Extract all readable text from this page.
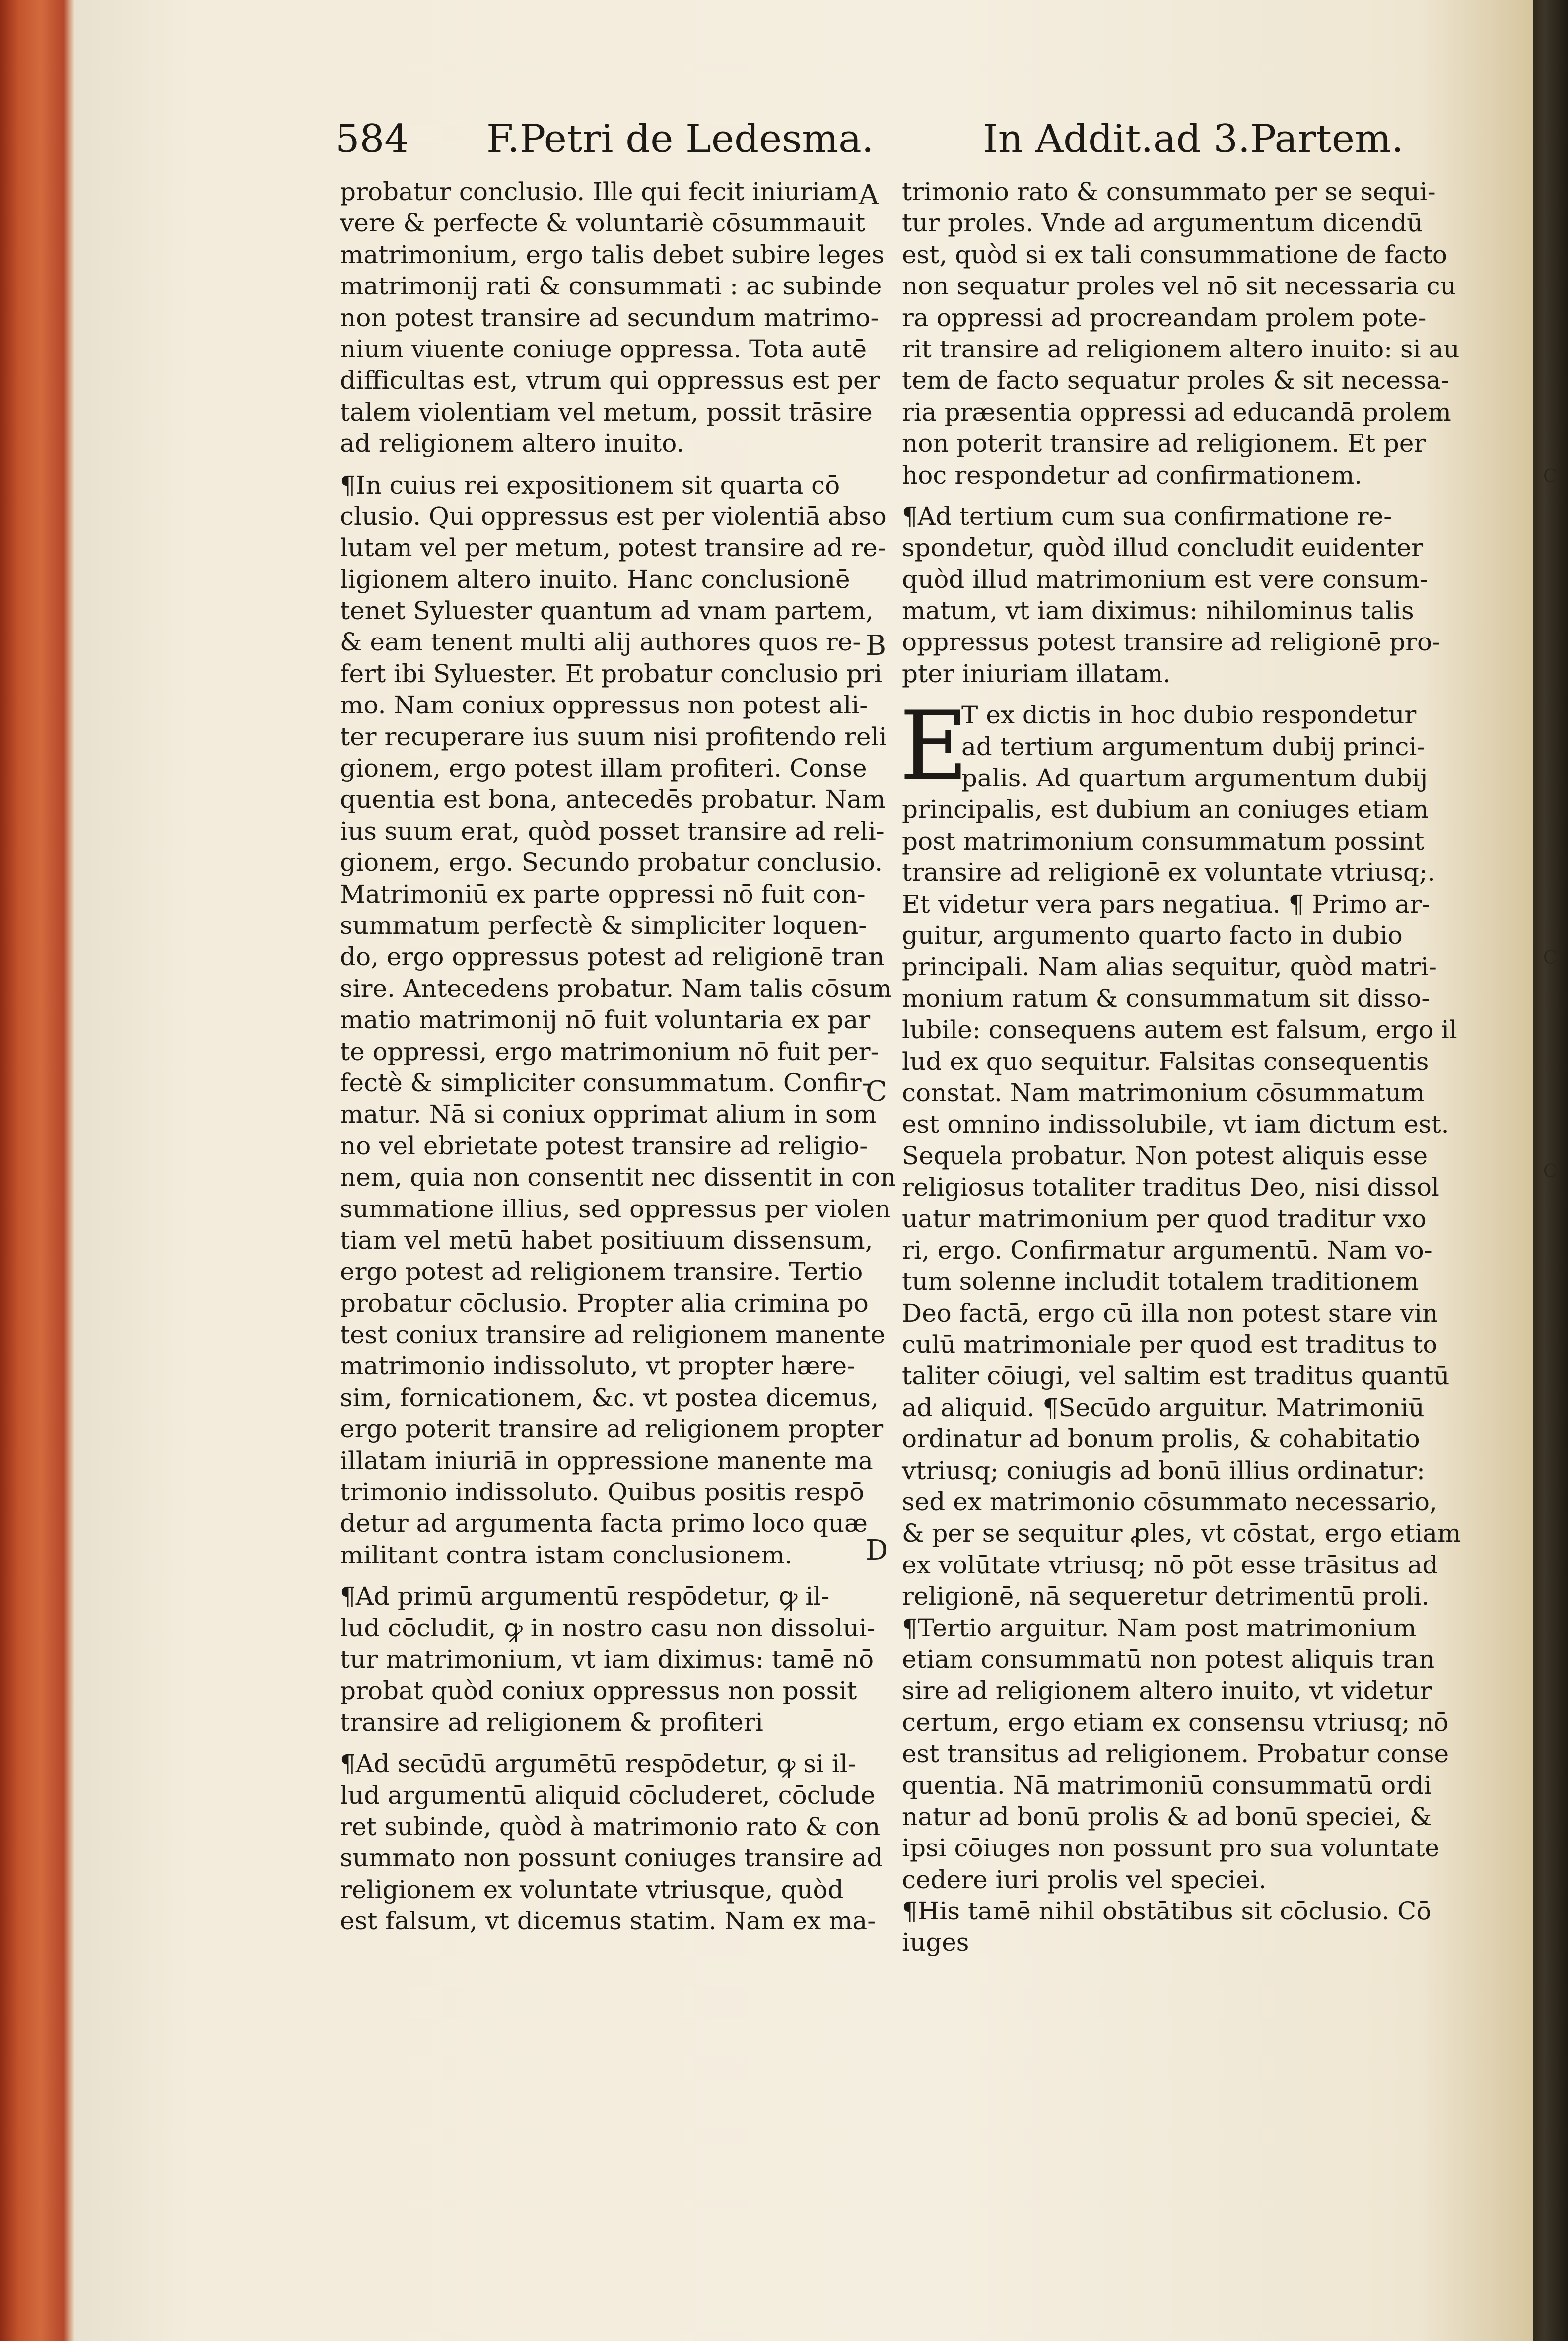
584 F.Petri de Ledesma.	In Addit.ad 3.Partem.
probatur conclusio. Ille qui fecit iniuriam
vere & perfecte & voluntariè cōsummauit
matrimonium, ergo talis debet subire leges
matrimonij rati & consummati : ac subinde
non potest transire ad secundum matrimo-
nium viuente coniuge oppressa. Tota autē
difficultas est, vtrum qui oppressus est per
talem violentiam vel metum, possit trāsire
ad religionem altero inuito.
¶In cuius rei expositionem sit quarta cō
clusio. Qui oppressus est per violentiā abso
lutam vel per metum, potest transire ad re-
ligionem altero inuito. Hanc conclusionē
tenet Syluester quantum ad vnam partem,
& eam tenent multi alij authores quos re-
fert ibi Syluester. Et probatur conclusio pri
mo. Nam coniux oppressus non potest ali-
ter recuperare ius suum nisi profitendo reli
gionem, ergo potest illam profiteri. Conse
quentia est bona, antecedēs probatur. Nam
ius suum erat, quòd posset transire ad reli-
gionem, ergo. Secundo probatur conclusio.
Matrimoniū ex parte oppressi nō fuit con-
summatum perfectè & simpliciter loquen-
do, ergo oppressus potest ad religionē tran
sire. Antecedens probatur. Nam talis cōsum
matio matrimonij nō fuit voluntaria ex par
te oppressi, ergo matrimonium nō fuit per-
fectè & simpliciter consummatum. Confir-
matur. Nā si coniux opprimat alium in som
no vel ebrietate potest transire ad religio-
nem, quia non consentit nec dissentit in con
summatione illius, sed oppressus per violen
tiam vel metū habet positiuum dissensum,
ergo potest ad religionem transire. Tertio
probatur cōclusio. Propter alia crimina po
test coniux transire ad religionem manente
matrimonio indissoluto, vt propter hære-
sim, fornicationem, &c. vt postea dicemus,
ergo poterit transire ad religionem propter
illatam iniuriā in oppressione manente ma
trimonio indissoluto. Quibus positis respō
detur ad argumenta facta primo loco quæ
militant contra istam conclusionem.
¶Ad primū argumentū respōdetur, ꝙ il-
lud cōcludit, ꝙ in nostro casu non dissolui-
tur matrimonium, vt iam diximus: tamē nō
probat quòd coniux oppressus non possit
transire ad religionem & profiteri
¶Ad secūdū argumētū respōdetur, ꝙ si il-
lud argumentū aliquid cōcluderet, cōclude
ret subinde, quòd à matrimonio rato & con
summato non possunt coniuges transire ad
religionem ex voluntate vtriusque, quòd
est falsum, vt dicemus statim. Nam ex ma-
trimonio rato & consummato per se sequi-
tur proles. Vnde ad argumentum dicendū
est, quòd si ex tali consummatione de facto
non sequatur proles vel nō sit necessaria cu
ra oppressi ad procreandam prolem pote-
rit transire ad religionem altero inuito: si au
tem de facto sequatur proles & sit necessa-
ria præsentia oppressi ad educandā prolem
non poterit transire ad religionem. Et per
hoc respondetur ad confirmationem.
¶Ad tertium cum sua confirmatione re-
spondetur, quòd illud concludit euidenter
quòd illud matrimonium est vere consum-
matum, vt iam diximus: nihilominus talis
oppressus potest transire ad religionē pro-
pter iniuriam illatam.
E
T ex dictis in hoc dubio respondetur
ad tertium argumentum dubij princi-
palis. Ad quartum argumentum dubij
principalis, est dubium an coniuges etiam
post matrimonium consummatum possint
transire ad religionē ex voluntate vtriusq;.
Et videtur vera pars negatiua. ¶ Primo ar-
guitur, argumento quarto facto in dubio
principali. Nam alias sequitur, quòd matri-
monium ratum & consummatum sit disso-
lubile: consequens autem est falsum, ergo il
lud ex quo sequitur. Falsitas consequentis
constat. Nam matrimonium cōsummatum
est omnino indissolubile, vt iam dictum est.
Sequela probatur. Non potest aliquis esse
religiosus totaliter traditus Deo, nisi dissol
uatur matrimonium per quod traditur vxo
ri, ergo. Confirmatur argumentū. Nam vo-
tum solenne includit totalem traditionem
Deo factā, ergo cū illa non potest stare vin
culū matrimoniale per quod est traditus to
taliter cōiugi, vel saltim est traditus quantū
ad aliquid. ¶Secūdo arguitur. Matrimoniū
ordinatur ad bonum prolis, & cohabitatio
vtriusq; coniugis ad bonū illius ordinatur:
sed ex matrimonio cōsummato necessario,
& per se sequitur ꝓles, vt cōstat, ergo etiam
ex volūtate vtriusq; nō pōt esse trāsitus ad
religionē, nā sequeretur detrimentū proli.
¶Tertio arguitur. Nam post matrimonium
etiam consummatū non potest aliquis tran
sire ad religionem altero inuito, vt videtur
certum, ergo etiam ex consensu vtriusq; nō
est transitus ad religionem. Probatur conse
quentia. Nā matrimoniū consummatū ordi
natur ad bonū prolis & ad bonū speciei, &
ipsi cōiuges non possunt pro sua voluntate
cedere iuri prolis vel speciei.
¶His tamē nihil obstātibus sit cōclusio. Cō
iuges
A
B
C
D
C
C
C
